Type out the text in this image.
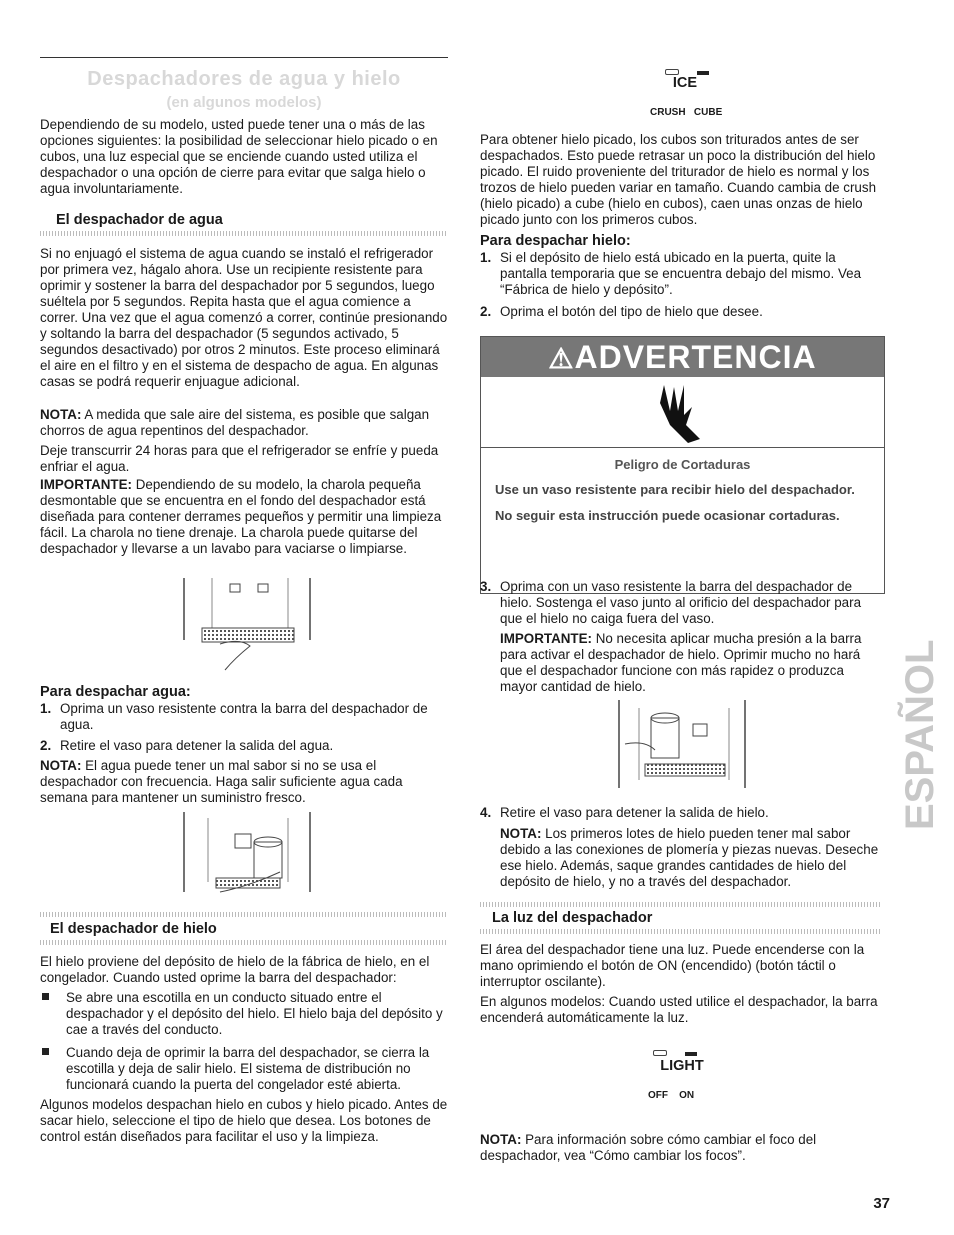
Despachadores de agua y hielo
(en algunos modelos)

Dependiendo de su modelo, usted puede tener una o más de las opciones siguientes: la posibilidad de seleccionar hielo picado o en cubos, una luz especial que se enciende cuando usted utiliza el despachador o una opción de cierre para evitar que salga hielo o agua involuntariamente.

El despachador de agua

Si no enjuagó el sistema de agua cuando se instaló el refrigerador por primera vez, hágalo ahora. Use un recipiente resistente para oprimir y sostener la barra del despachador por 5 segundos, luego suéltela por 5 segundos. Repita hasta que el agua comience a correr. Una vez que el agua comenzó a correr, continúe presionando y soltando la barra del despachador (5 segundos activado, 5 segundos desactivado) por otros 2 minutos. Este proceso eliminará el aire en el filtro y en el sistema de despacho de agua. En algunas casas se podrá requerir enjuague adicional.

NOTA: A medida que sale aire del sistema, es posible que salgan chorros de agua repentinos del despachador.

Deje transcurrir 24 horas para que el refrigerador se enfríe y pueda enfriar el agua.

IMPORTANTE: Dependiendo de su modelo, la charola pequeña desmontable que se encuentra en el fondo del despachador está diseñada para contener derrames pequeños y permitir una limpieza fácil. La charola no tiene drenaje. La charola puede quitarse del despachador y llevarse a un lavabo para vaciarse o limpiarse.

Para despachar agua:
1. Oprima un vaso resistente contra la barra del despachador de agua.
2. Retire el vaso para detener la salida del agua.

NOTA: El agua puede tener un mal sabor si no se usa el despachador con frecuencia. Haga salir suficiente agua cada semana para mantener un suministro fresco.

El despachador de hielo

El hielo proviene del depósito de hielo de la fábrica de hielo, en el congelador. Cuando usted oprime la barra del despachador:

Se abre una escotilla en un conducto situado entre el despachador y el depósito del hielo. El hielo baja del depósito y cae a través del conducto.
Cuando deja de oprimir la barra del despachador, se cierra la escotilla y deja de salir hielo. El sistema de distribución no funcionará cuando la puerta del congelador esté abierta.

Algunos modelos despachan hielo en cubos y hielo picado. Antes de sacar hielo, seleccione el tipo de hielo que desea. Los botones de control están diseñados para facilitar el uso y la limpieza.

ICE
CRUSH CUBE

Para obtener hielo picado, los cubos son triturados antes de ser despachados. Esto puede retrasar un poco la distribución del hielo picado. El ruido proveniente del triturador de hielo es normal y los trozos de hielo pueden variar en tamaño. Cuando cambia de crush (hielo picado) a cube (hielo en cubos), caen unas onzas de hielo picado junto con los primeros cubos.

Para despachar hielo:
1. Si el depósito de hielo está ubicado en la puerta, quite la pantalla temporaria que se encuentra debajo del mismo. Vea “Fábrica de hielo y depósito”.
2. Oprima el botón del tipo de hielo que desee.
⚠ADVERTENCIA
Peligro de Cortaduras
Use un vaso resistente para recibir hielo del despachador.
No seguir esta instrucción puede ocasionar cortaduras.
3. Oprima con un vaso resistente la barra del despachador de hielo. Sostenga el vaso junto al orificio del despachador para que el hielo no caiga fuera del vaso.

IMPORTANTE: No necesita aplicar mucha presión a la barra para activar el despachador de hielo. Oprimir mucho no hará que el despachador funcione con más rapidez o produzca mayor cantidad de hielo.

4. Retire el vaso para detener la salida de hielo.

NOTA: Los primeros lotes de hielo pueden tener mal sabor debido a las conexiones de plomería y piezas nuevas. Deseche ese hielo. Además, saque grandes cantidades de hielo del depósito de hielo, y no a través del despachador.

La luz del despachador

El área del despachador tiene una luz. Puede encenderse con la mano oprimiendo el botón de ON (encendido) (botón táctil o interruptor oscilante).

En algunos modelos: Cuando usted utilice el despachador, la barra encenderá automáticamente la luz.

LIGHT
OFF ON

NOTA: Para información sobre cómo cambiar el foco del despachador, vea “Cómo cambiar los focos”.

ESPAÑOL
37
